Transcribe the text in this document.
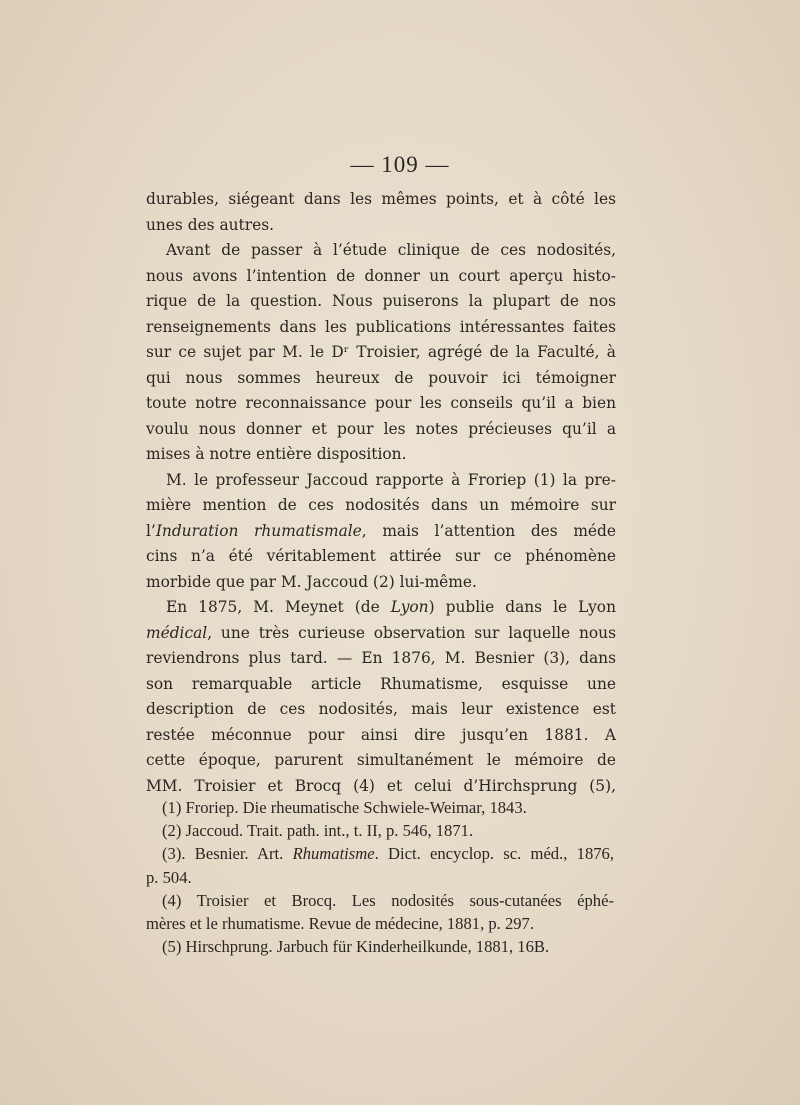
— 109 —
durables, siégeant dans les mêmes points, et à côté les
unes des autres.
Avant de passer à l’étude clinique de ces nodosités,
nous avons l’intention de donner un court aperçu histo-
rique de la question. Nous puiserons la plupart de nos
renseignements dans les publications intéressantes faites
sur ce sujet par M. le Dʳ Troisier, agrégé de la Faculté, à
qui nous sommes heureux de pouvoir ici témoigner
toute notre reconnaissance pour les conseils qu’il a bien
voulu nous donner et pour les notes précieuses qu’il a
mises à notre entière disposition.
M. le professeur Jaccoud rapporte à Froriep (1) la pre-
mière mention de ces nodosités dans un mémoire sur
l’Induration rhumatismale, mais l’attention des méde
cins n’a été véritablement attirée sur ce phénomène
morbide que par M. Jaccoud (2) lui-même.
En 1875, M. Meynet (de Lyon) publie dans le Lyon
médical, une très curieuse observation sur laquelle nous
reviendrons plus tard. — En 1876, M. Besnier (3), dans
son remarquable article Rhumatisme, esquisse une
description de ces nodosités, mais leur existence est
restée méconnue pour ainsi dire jusqu’en 1881. A
cette époque, parurent simultanément le mémoire de
MM. Troisier et Brocq (4) et celui d’Hirchsprung (5),
(1) Froriep. Die rheumatische Schwiele-Weimar, 1843.
(2) Jaccoud. Trait. path. int., t. II, p. 546, 1871.
(3). Besnier. Art. Rhumatisme. Dict. encyclop. sc. méd., 1876,
p. 504.
(4) Troisier et Brocq. Les nodosités sous-cutanées éphé-
mères et le rhumatisme. Revue de médecine, 1881, p. 297.
(5) Hirschprung. Jarbuch für Kinderheilkunde, 1881, 16B.
